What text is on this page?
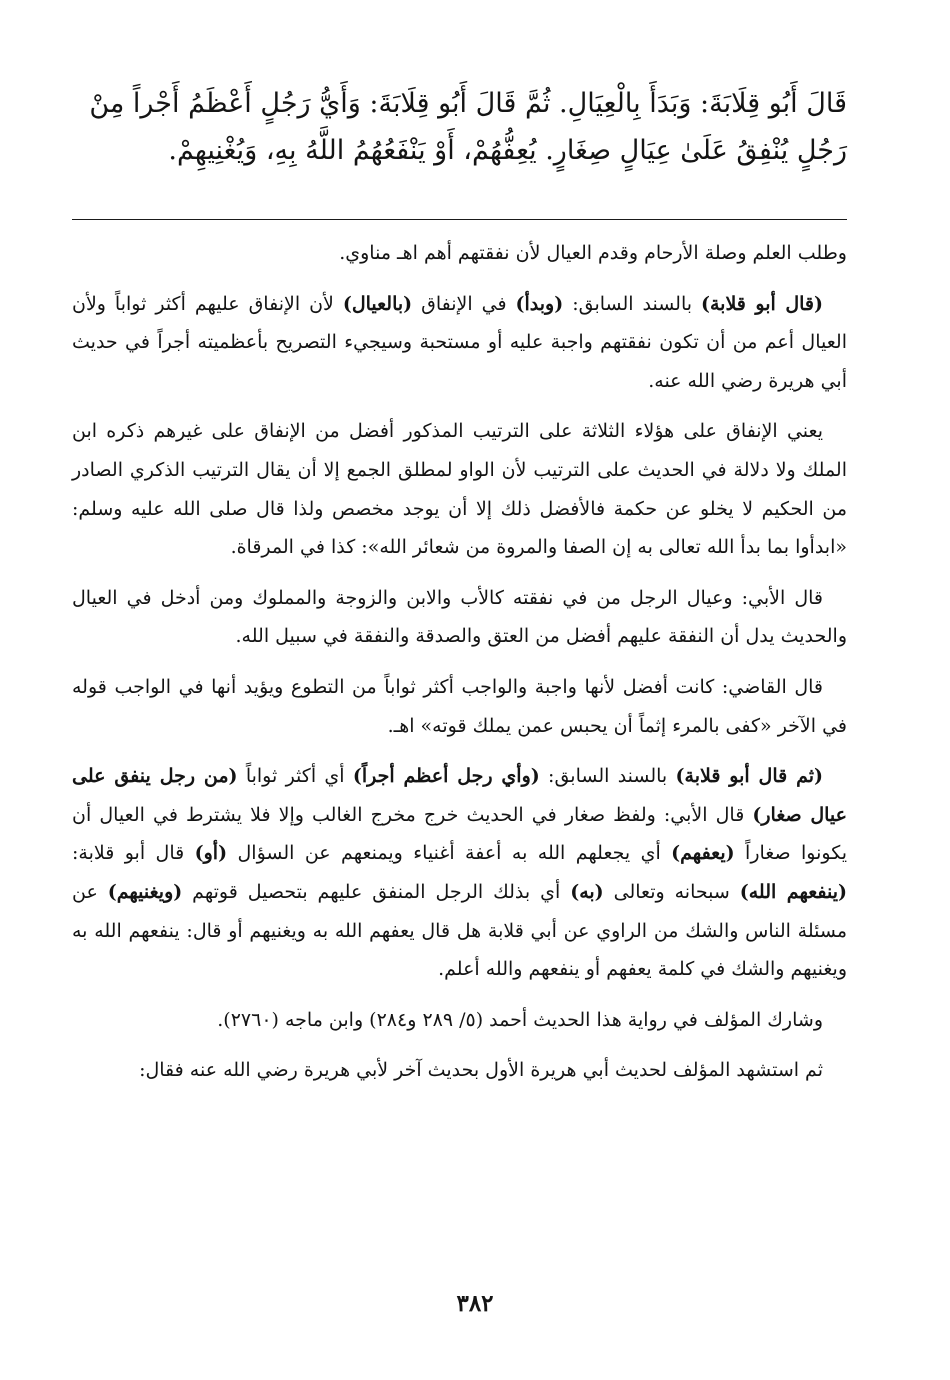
قَالَ أَبُو قِلَابَةَ: وَبَدَأَ بِالْعِيَالِ. ثُمَّ قَالَ أَبُو قِلَابَةَ: وَأَيُّ رَجُلٍ أَعْظَمُ أَجْراً مِنْ
رَجُلٍ يُنْفِقُ عَلَىٰ عِيَالٍ صِغَارٍ. يُعِفُّهُمْ، أَوْ يَنْفَعُهُمُ اللَّهُ بِهِ، وَيُغْنِيهِمْ.

وطلب العلم وصلة الأرحام وقدم العيال لأن نفقتهم أهم اهـ مناوي.

(قال أبو قلابة) بالسند السابق: (وبدأ) في الإنفاق (بالعيال) لأن الإنفاق عليهم أكثر ثواباً ولأن العيال أعم من أن تكون نفقتهم واجبة عليه أو مستحبة وسيجيء التصريح بأعظميته أجراً في حديث أبي هريرة رضي الله عنه.

يعني الإنفاق على هؤلاء الثلاثة على الترتيب المذكور أفضل من الإنفاق على غيرهم ذكره ابن الملك ولا دلالة في الحديث على الترتيب لأن الواو لمطلق الجمع إلا أن يقال الترتيب الذكري الصادر من الحكيم لا يخلو عن حكمة فالأفضل ذلك إلا أن يوجد مخصص ولذا قال صلى الله عليه وسلم: «ابدأوا بما بدأ الله تعالى به إن الصفا والمروة من شعائر الله»: كذا في المرقاة.

قال الأبي: وعيال الرجل من في نفقته كالأب والابن والزوجة والمملوك ومن أدخل في العيال والحديث يدل أن النفقة عليهم أفضل من العتق والصدقة والنفقة في سبيل الله.

قال القاضي: كانت أفضل لأنها واجبة والواجب أكثر ثواباً من التطوع ويؤيد أنها في الواجب قوله في الآخر «كفى بالمرء إثماً أن يحبس عمن يملك قوته» اهـ.

(ثم قال أبو قلابة) بالسند السابق: (وأي رجل أعظم أجراً) أي أكثر ثواباً (من رجل ينفق على عيال صغار) قال الأبي: ولفظ صغار في الحديث خرج مخرج الغالب وإلا فلا يشترط في العيال أن يكونوا صغاراً (يعفهم) أي يجعلهم الله به أعفة أغنياء ويمنعهم عن السؤال (أو) قال أبو قلابة: (ينفعهم الله) سبحانه وتعالى (به) أي بذلك الرجل المنفق عليهم بتحصيل قوتهم (ويغنيهم) عن مسئلة الناس والشك من الراوي عن أبي قلابة هل قال يعفهم الله به ويغنيهم أو قال: ينفعهم الله به ويغنيهم والشك في كلمة يعفهم أو ينفعهم والله أعلم.

وشارك المؤلف في رواية هذا الحديث أحمد (٥/ ٢٨٩ و٢٨٤) وابن ماجه (٢٧٦٠).

ثم استشهد المؤلف لحديث أبي هريرة الأول بحديث آخر لأبي هريرة رضي الله عنه فقال:

٣٨٢
